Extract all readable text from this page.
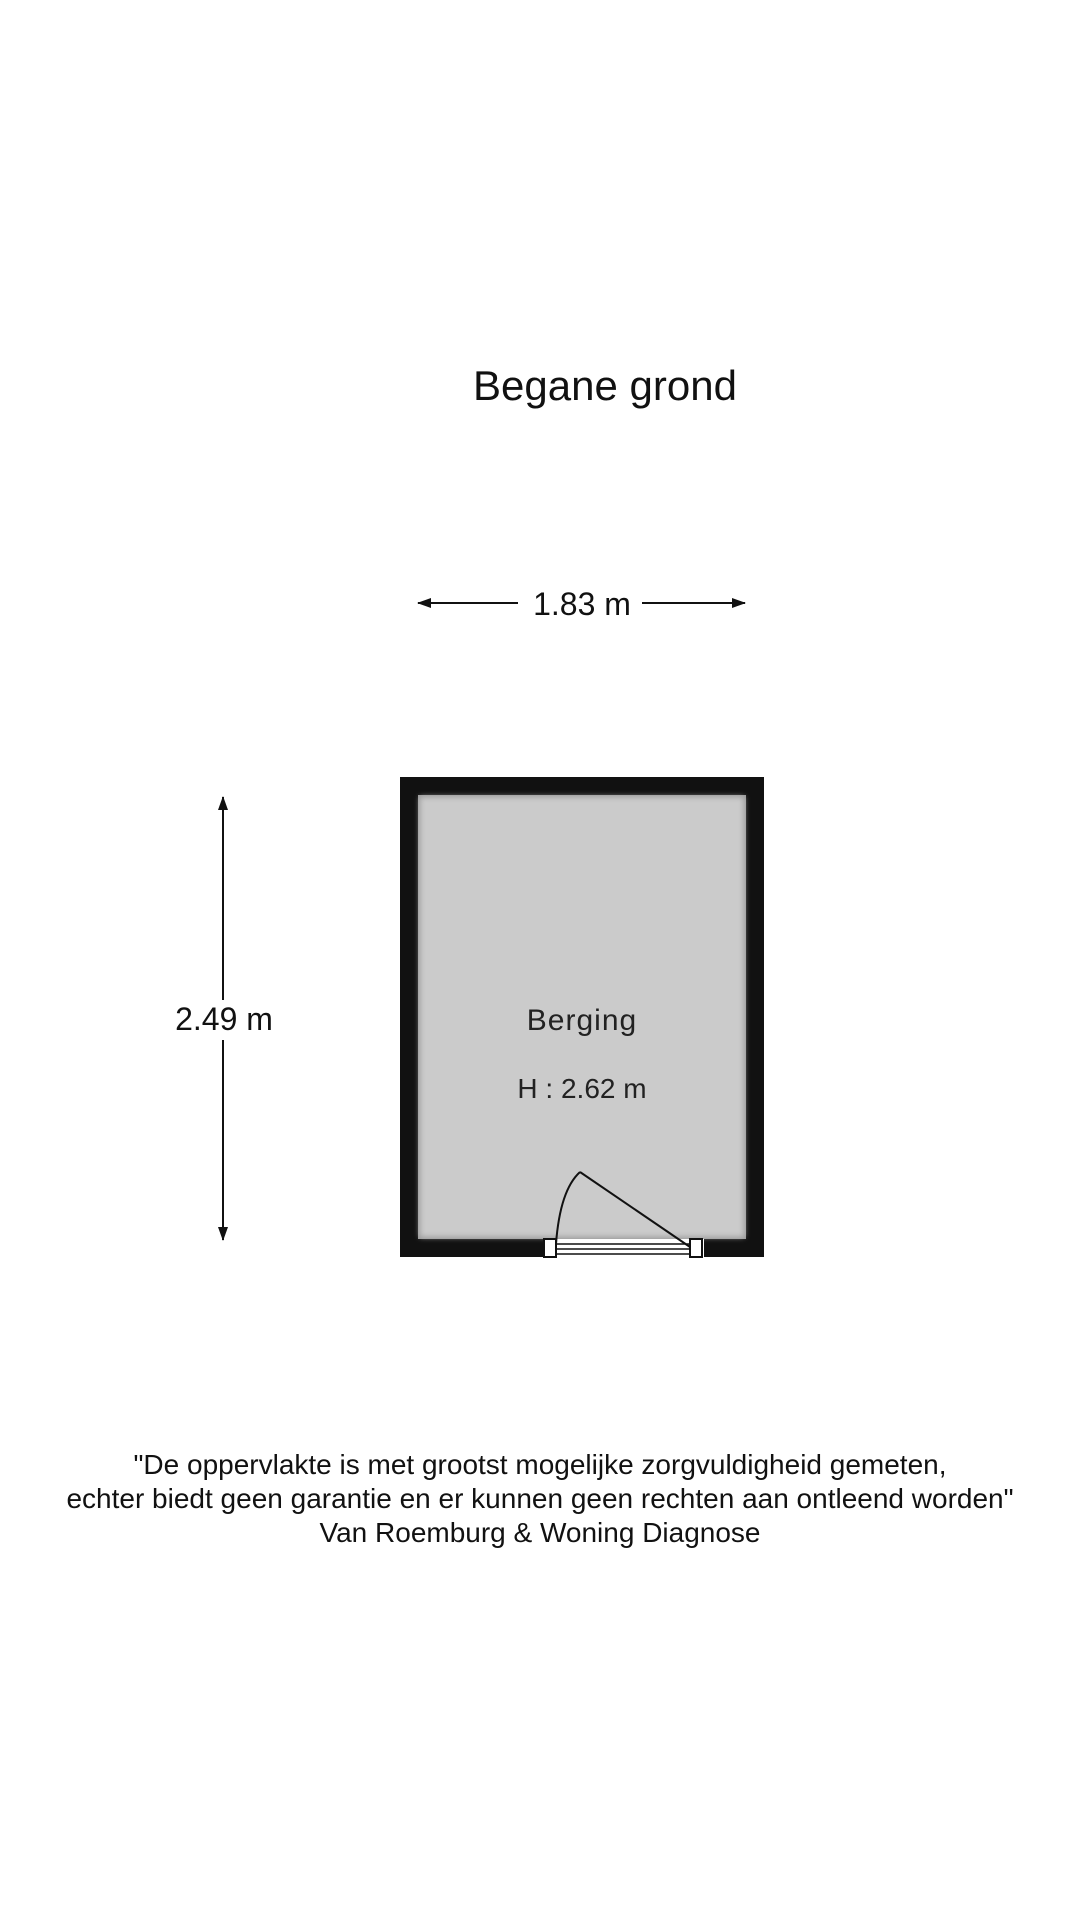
Begane grond
1.83 m
2.49 m	Berging
H : 2.62 m
"De oppervlakte is met grootst mogelijke zorgvuldigheid gemeten,
echter biedt geen garantie en er kunnen geen rechten aan ontleend worden"
Van Roemburg & Woning Diagnose
